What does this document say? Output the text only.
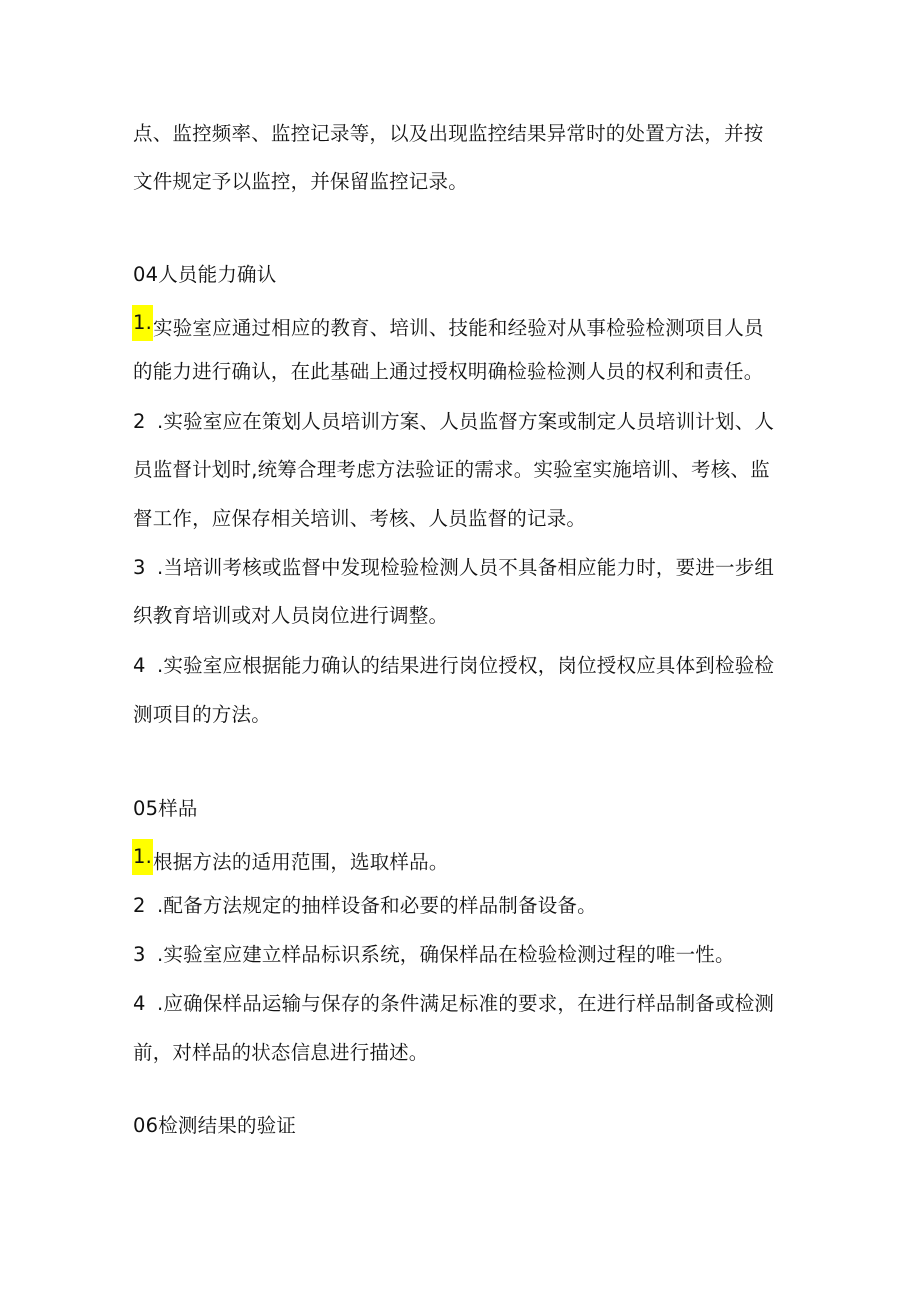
点、监控频率、监控记录等，以及出现监控结果异常时的处置方法，并按
文件规定予以监控，并保留监控记录。
04人员能力确认
1.实验室应通过相应的教育、培训、技能和经验对从事检验检测项目人员
的能力进行确认，在此基础上通过授权明确检验检测人员的权利和责任。
2 .实验室应在策划人员培训方案、人员监督方案或制定人员培训计划、人
员监督计划时,统筹合理考虑方法验证的需求。实验室实施培训、考核、监
督工作，应保存相关培训、考核、人员监督的记录。
3 .当培训考核或监督中发现检验检测人员不具备相应能力时，要进一步组
织教育培训或对人员岗位进行调整。
4 .实验室应根据能力确认的结果进行岗位授权，岗位授权应具体到检验检
测项目的方法。
05样品
1.根据方法的适用范围，选取样品。
2 .配备方法规定的抽样设备和必要的样品制备设备。
3 .实验室应建立样品标识系统，确保样品在检验检测过程的唯一性。
4 .应确保样品运输与保存的条件满足标准的要求，在进行样品制备或检测
前，对样品的状态信息进行描述。
06检测结果的验证
